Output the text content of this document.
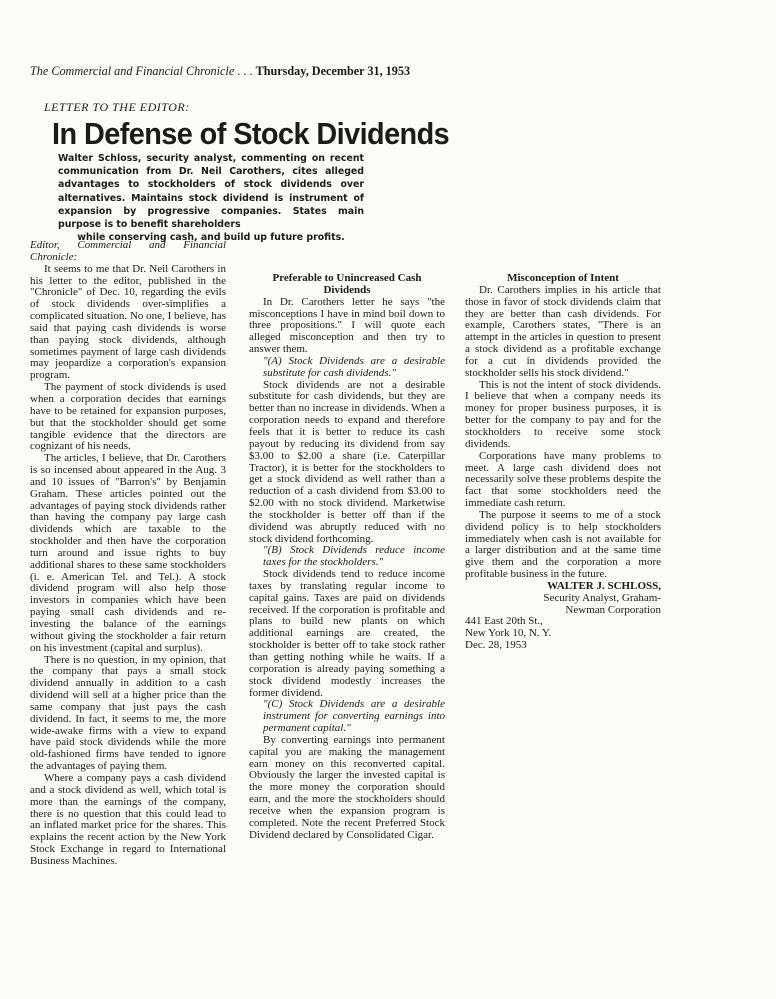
The Commercial and Financial Chronicle . . . Thursday, December 31, 1953
LETTER TO THE EDITOR:
In Defense of Stock Dividends
Walter Schloss, security analyst, commenting on recent communication from Dr. Neil Carothers, cites alleged advantages to stockholders of stock dividends over alternatives. Maintains stock dividend is instrument of expansion by progressive companies. States main purpose is to benefit shareholders
while conserving cash, and build up future profits.

Editor, Commercial and Financial Chronicle:

It seems to me that Dr. Neil Carothers in his letter to the editor, published in the "Chronicle" of Dec. 10, regarding the evils of stock dividends over-simplifies a complicated situation. No one, I believe, has said that paying cash dividends is worse than paying stock dividends, although sometimes payment of large cash dividends may jeopardize a corporation's expansion program.

The payment of stock dividends is used when a corporation decides that earnings have to be retained for expansion purposes, but that the stockholder should get some tangible evidence that the directors are cognizant of his needs.

The articles, I believe, that Dr. Carothers is so incensed about appeared in the Aug. 3 and 10 issues of "Barron's" by Benjamin Graham. These articles pointed out the advantages of paying stock dividends rather than having the company pay large cash dividends which are taxable to the stockholder and then have the corporation turn around and issue rights to buy additional shares to these same stockholders (i. e. American Tel. and Tel.). A stock dividend program will also help those investors in companies which have been paying small cash dividends and re-investing the balance of the earnings without giving the stockholder a fair return on his investment (capital and surplus).

There is no question, in my opinion, that the company that pays a small stock dividend annually in addition to a cash dividend will sell at a higher price than the same company that just pays the cash dividend. In fact, it seems to me, the more wide-awake firms with a view to expand have paid stock dividends while the more old-fashioned firms have tended to ignore the advantages of paying them.

Where a company pays a cash dividend and a stock dividend as well, which total is more than the earnings of the company, there is no question that this could lead to an inflated market price for the shares. This explains the recent action by the New York Stock Exchange in regard to International Business Machines.

Preferable to Unincreased Cash Dividends

In Dr. Carothers letter he says "the misconceptions I have in mind boil down to three propositions." I will quote each alleged misconception and then try to answer them.

"(A) Stock Dividends are a desirable substitute for cash dividends."

Stock dividends are not a desirable substitute for cash dividends, but they are better than no increase in dividends. When a corporation needs to expand and therefore feels that it is better to reduce its cash payout by reducing its dividend from say $3.00 to $2.00 a share (i.e. Caterpillar Tractor), it is better for the stockholders to get a stock dividend as well rather than a reduction of a cash dividend from $3.00 to $2.00 with no stock dividend. Marketwise the stockholder is better off than if the dividend was abruptly reduced with no stock dividend forthcoming.

"(B) Stock Dividends reduce income taxes for the stockholders."

Stock dividends tend to reduce income taxes by translating regular income to capital gains. Taxes are paid on dividends received. If the corporation is profitable and plans to build new plants on which additional earnings are created, the stockholder is better off to take stock rather than getting nothing while he waits. If a corporation is already paying something a stock dividend modestly increases the former dividend.

"(C) Stock Dividends are a desirable instrument for converting earnings into permanent capital."

By converting earnings into permanent capital you are making the management earn money on this reconverted capital. Obviously the larger the invested capital is the more money the corporation should earn, and the more the stockholders should receive when the expansion program is completed. Note the recent Preferred Stock Dividend declared by Consolidated Cigar.

Misconception of Intent

Dr. Carothers implies in his article that those in favor of stock dividends claim that they are better than cash dividends. For example, Carothers states, "There is an attempt in the articles in question to present a stock dividend as a profitable exchange for a cut in dividends provided the stockholder sells his stock dividend."

This is not the intent of stock dividends. I believe that when a company needs its money for proper business purposes, it is better for the company to pay and for the stockholders to receive some stock dividends.

Corporations have many problems to meet. A large cash dividend does not necessarily solve these problems despite the fact that some stockholders need the immediate cash return.

The purpose it seems to me of a stock dividend policy is to help stockholders immediately when cash is not available for a larger distribution and at the same time give them and the corporation a more profitable business in the future.

WALTER J. SCHLOSS,

Security Analyst, Graham-

Newman Corporation

441 East 20th St.,

New York 10, N. Y.

Dec. 28, 1953
